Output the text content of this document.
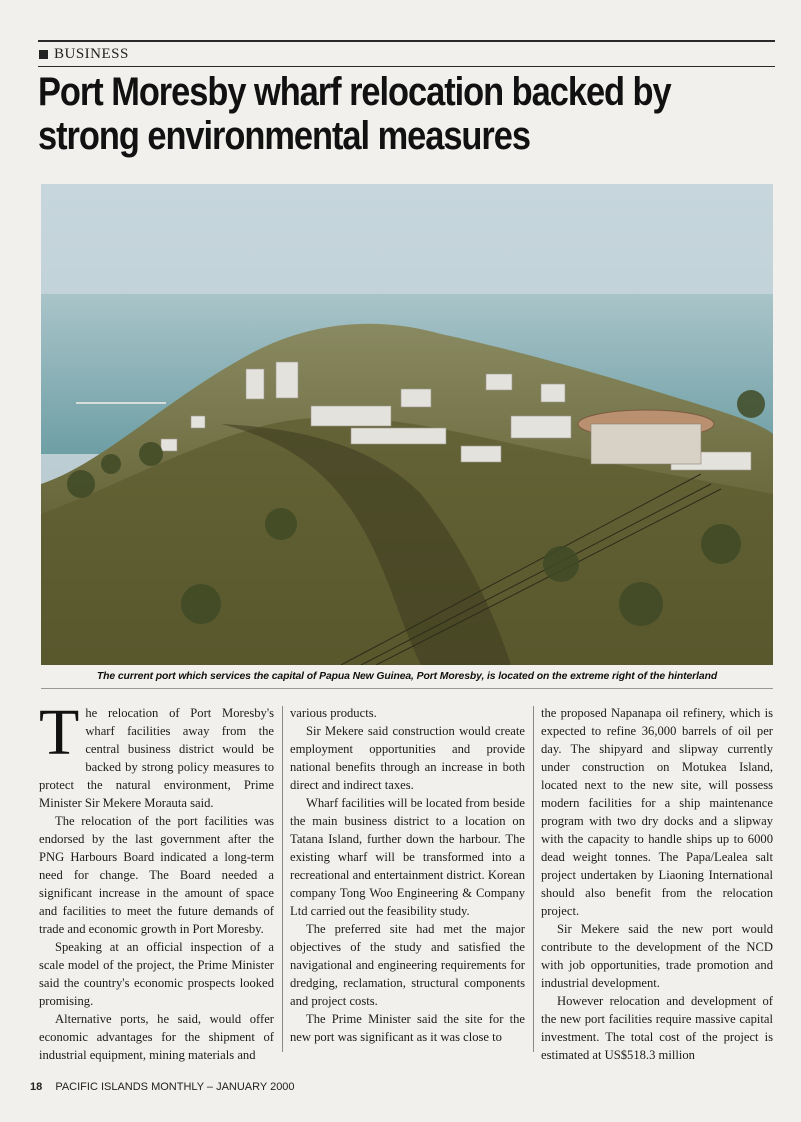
BUSINESS
Port Moresby wharf relocation backed by
strong environmental measures
The current port which services the capital of Papua New Guinea, Port Moresby, is located on the extreme right of the hinterland

The relocation of Port Moresby's wharf facilities away from the central business district would be backed by strong policy measures to protect the natural environment, Prime Minister Sir Mekere Morauta said.

The relocation of the port facilities was endorsed by the last government after the PNG Harbours Board indicated a long-term need for change. The Board needed a significant increase in the amount of space and facilities to meet the future demands of trade and economic growth in Port Moresby.

Speaking at an official inspection of a scale model of the project, the Prime Minister said the country's economic prospects looked promising.

Alternative ports, he said, would offer economic advantages for the shipment of industrial equipment, mining materials and

various products.

Sir Mekere said construction would create employment opportunities and provide national benefits through an increase in both direct and indirect taxes.

Wharf facilities will be located from beside the main business district to a location on Tatana Island, further down the harbour. The existing wharf will be transformed into a recreational and entertainment district. Korean company Tong Woo Engineering & Company Ltd carried out the feasibility study.

The preferred site had met the major objectives of the study and satisfied the navigational and engineering requirements for dredging, reclamation, structural components and project costs.

The Prime Minister said the site for the new port was significant as it was close to

the proposed Napanapa oil refinery, which is expected to refine 36,000 barrels of oil per day. The shipyard and slipway currently under construction on Motukea Island, located next to the new site, will possess modern facilities for a ship maintenance program with two dry docks and a slipway with the capacity to handle ships up to 6000 dead weight tonnes. The Papa/Lealea salt project undertaken by Liaoning International should also benefit from the relocation project.

Sir Mekere said the new port would contribute to the development of the NCD with job opportunities, trade promotion and industrial development.

However relocation and development of the new port facilities require massive capital investment. The total cost of the project is estimated at US$518.3 million

18 PACIFIC ISLANDS MONTHLY – JANUARY 2000
